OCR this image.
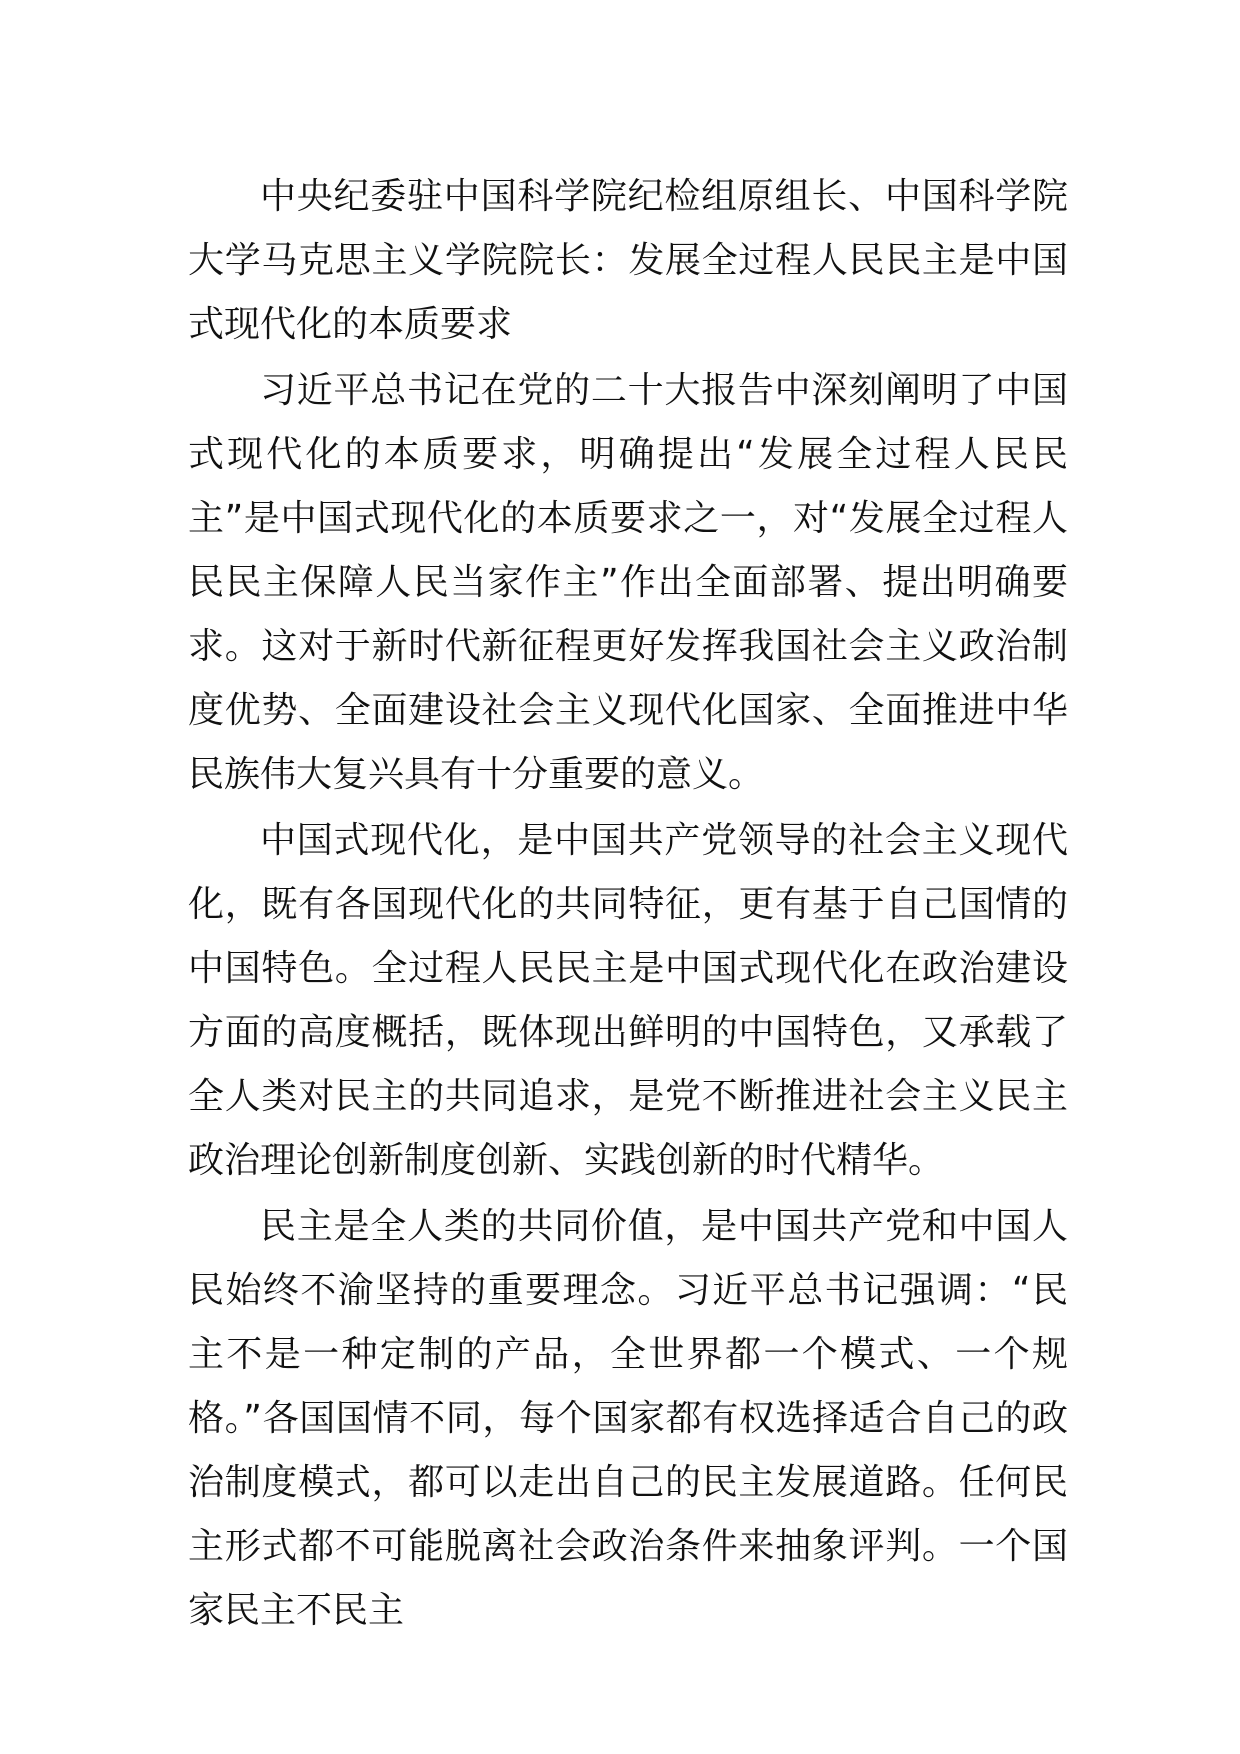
中央纪委驻中国科学院纪检组原组长、中国科学院大学马克思主义学院院长：发展全过程人民民主是中国式现代化的本质要求

习近平总书记在党的二十大报告中深刻阐明了中国式现代化的本质要求，明确提出“发展全过程人民民主”是中国式现代化的本质要求之一，对“发展全过程人民民主保障人民当家作主”作出全面部署、提出明确要求。这对于新时代新征程更好发挥我国社会主义政治制度优势、全面建设社会主义现代化国家、全面推进中华民族伟大复兴具有十分重要的意义。

中国式现代化，是中国共产党领导的社会主义现代化，既有各国现代化的共同特征，更有基于自己国情的中国特色。全过程人民民主是中国式现代化在政治建设方面的高度概括，既体现出鲜明的中国特色，又承载了全人类对民主的共同追求，是党不断推进社会主义民主政治理论创新制度创新、实践创新的时代精华。

民主是全人类的共同价值，是中国共产党和中国人民始终不渝坚持的重要理念。习近平总书记强调：“民主不是一种定制的产品，全世界都一个模式、一个规格。”各国国情不同，每个国家都有权选择适合自己的政治制度模式，都可以走出自己的民主发展道路。任何民主形式都不可能脱离社会政治条件来抽象评判。一个国家民主不民主
